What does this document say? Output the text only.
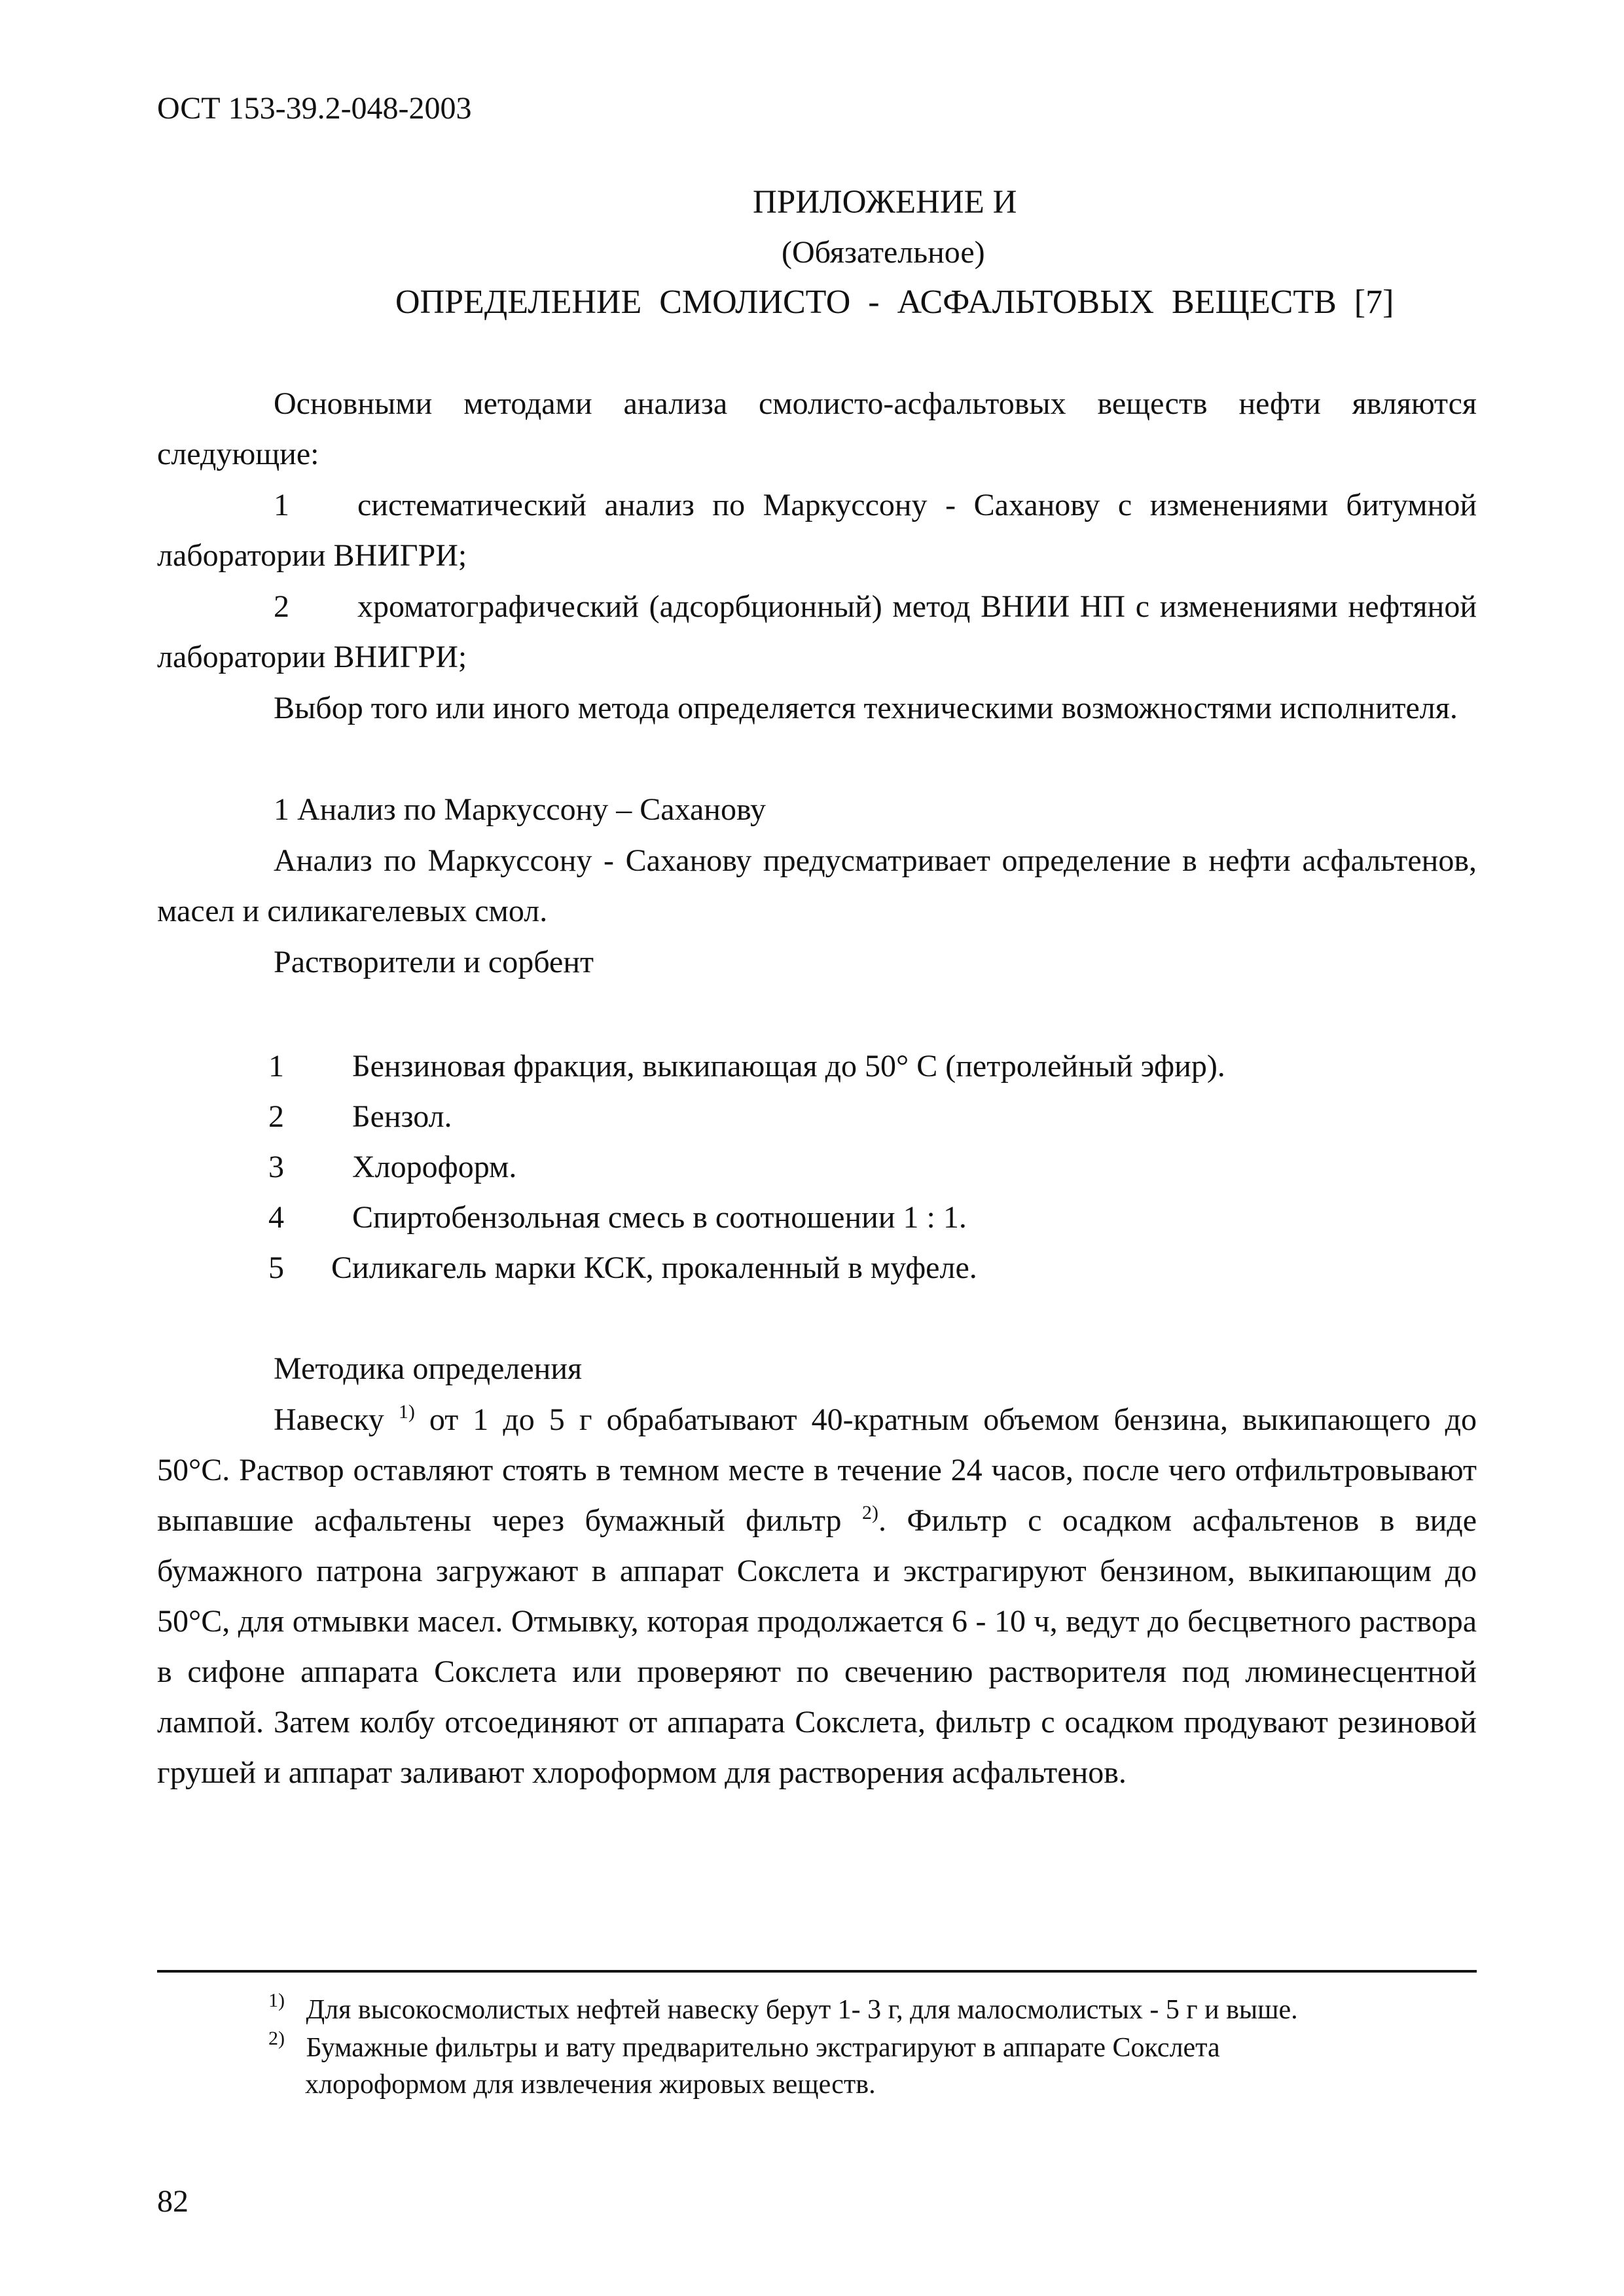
ОСТ 153-39.2-048-2003
ПРИЛОЖЕНИЕ И
(Обязательное)
ОПРЕДЕЛЕНИЕ СМОЛИСТО - АСФАЛЬТОВЫХ ВЕЩЕСТВ [7]

Основными методами анализа смолисто-асфальтовых веществ нефти являются следующие:

1 систематический анализ по Маркуссону - Саханову с изменениями битумной лаборатории ВНИГРИ;

2 хроматографический (адсорбционный) метод ВНИИ НП с изменениями нефтяной лаборатории ВНИГРИ;

Выбор того или иного метода определяется техническими возможностями исполнителя.

1 Анализ по Маркуссону – Саханову

Анализ по Маркуссону - Саханову предусматривает определение в нефти асфальтенов, масел и силикагелевых смол.

Растворители и сорбент

1 Бензиновая фракция, выкипающая до 50° С (петролейный эфир).
2 Бензол.
3 Хлороформ.
4 Спиртобензольная смесь в соотношении 1 : 1.
5 Силикагель марки КСК, прокаленный в муфеле.

Методика определения

Навеску $^{1)}$ от 1 до 5 г обрабатывают 40-кратным объемом бензина, выкипающего до 50°С. Раствор оставляют стоять в темном месте в течение 24 часов, после чего отфильтровывают выпавшие асфальтены через бумажный фильтр $^{2)}$. Фильтр с осадком асфальтенов в виде бумажного патрона загружают в аппарат Сокслета и экстрагируют бензином, выкипающим до 50°С, для отмывки масел. Отмывку, которая продолжается 6 - 10 ч, ведут до бесцветного раствора в сифоне аппарата Сокслета или проверяют по свечению растворителя под люминесцентной лампой. Затем колбу отсоединяют от аппарата Сокслета, фильтр с осадком продувают резиновой грушей и аппарат заливают хлороформом для растворения асфальтенов.

$^{1)}$ Для высокосмолистых нефтей навеску берут 1- 3 г, для малосмолистых - 5 г и выше.
$^{2)}$ Бумажные фильтры и вату предварительно экстрагируют в аппарате Сокслета
хлороформом для извлечения жировых веществ.
82
